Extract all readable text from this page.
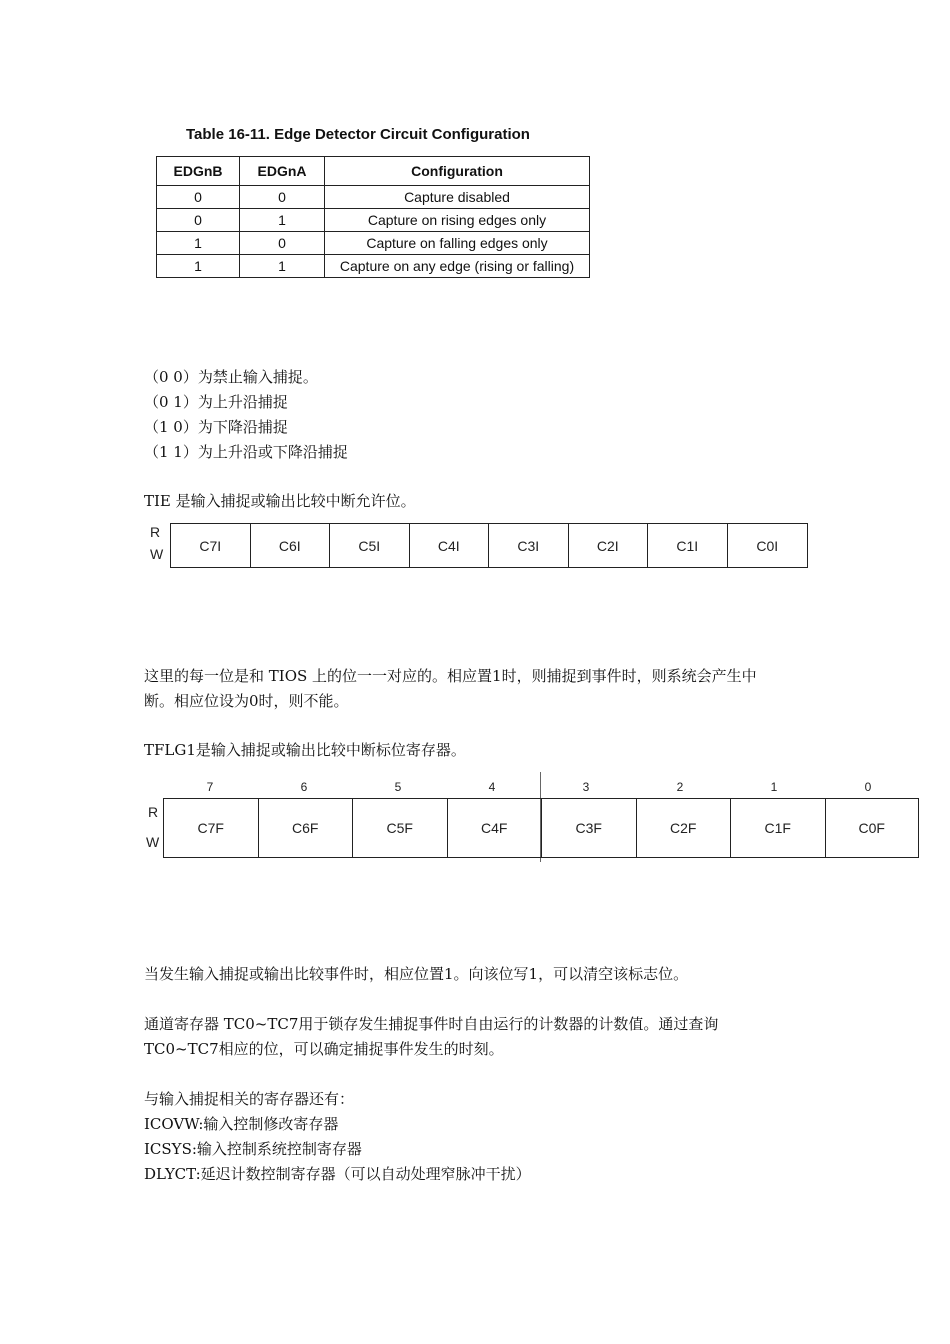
Table 16-11. Edge Detector Circuit Configuration
EDGnB	EDGnA	Configuration
0	0	Capture disabled
0	1	Capture on rising edges only
1	0	Capture on falling edges only
1	1	Capture on any edge (rising or falling)
（0 0）为禁止输入捕捉。
（0 1）为上升沿捕捉
（1 0）为下降沿捕捉
（1 1）为上升沿或下降沿捕捉
TIE 是输入捕捉或输出比较中断允许位。
R
W
C7I	C6I	C5I	C4I	C3I	C2I	C1I	C0I
这里的每一位是和 TIOS 上的位一一对应的。相应置1时，则捕捉到事件时，则系统会产生中
断。相应位设为0时，则不能。
TFLG1是输入捕捉或输出比较中断标位寄存器。
7	6	5	4	3	2	1	0
R
W
C7F	C6F	C5F	C4F	C3F	C2F	C1F	C0F
当发生输入捕捉或输出比较事件时，相应位置1。向该位写1，可以清空该标志位。
通道寄存器 TC0~TC7用于锁存发生捕捉事件时自由运行的计数器的计数值。通过查询
TC0~TC7相应的位，可以确定捕捉事件发生的时刻。
与输入捕捉相关的寄存器还有：
ICOVW:输入控制修改寄存器
ICSYS:输入控制系统控制寄存器
DLYCT:延迟计数控制寄存器（可以自动处理窄脉冲干扰）
